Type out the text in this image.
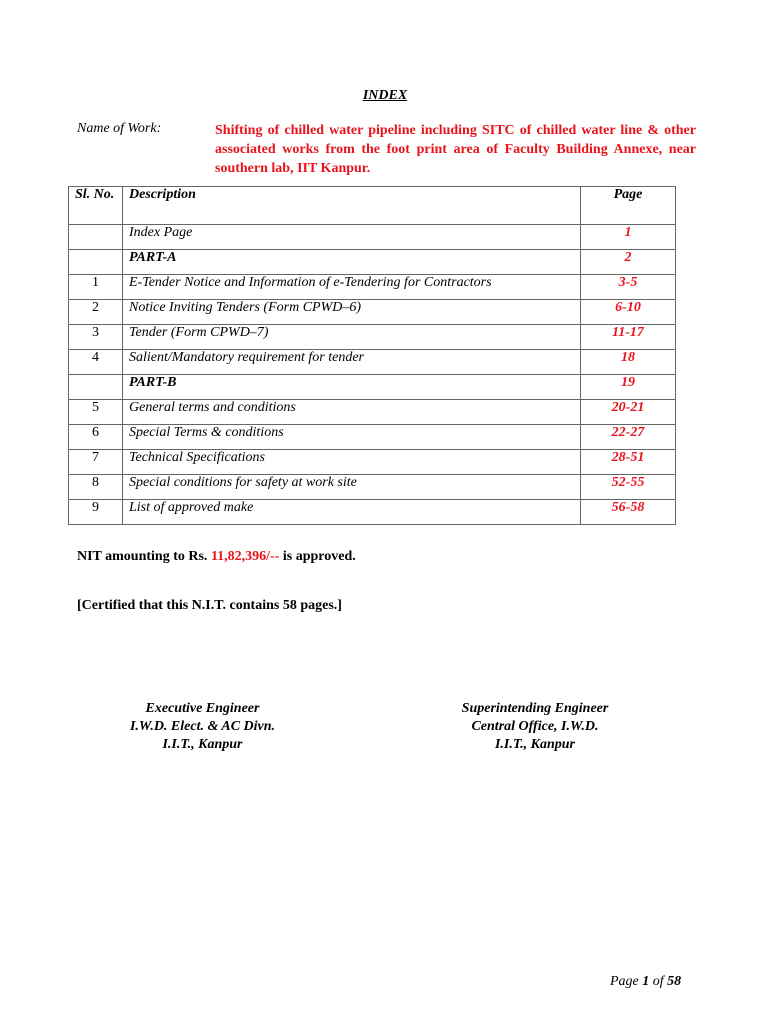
INDEX
Name of Work:	Shifting of chilled water pipeline including SITC of chilled water line & other associated works from the foot print area of Faculty Building Annexe, near southern lab, IIT Kanpur.
Sl. No.	Description	Page
	Index Page	1
	PART-A	2
1	E-Tender Notice and Information of e-Tendering for Contractors	3-5
2	Notice Inviting Tenders (Form CPWD–6)	6-10
3	Tender (Form CPWD–7)	11-17
4	Salient/Mandatory requirement for tender	18
	PART-B	19
5	General terms and conditions	20-21
6	Special Terms & conditions	22-27
7	Technical Specifications	28-51
8	Special conditions for safety at work site	52-55
9	List of approved make	56-58
NIT amounting to Rs. 11,82,396/-- is approved.
[Certified that this N.I.T. contains 58 pages.]
Executive Engineer
I.W.D. Elect. & AC Divn.
I.I.T., Kanpur
Superintending Engineer
Central Office, I.W.D.
I.I.T., Kanpur
Page 1 of 58
